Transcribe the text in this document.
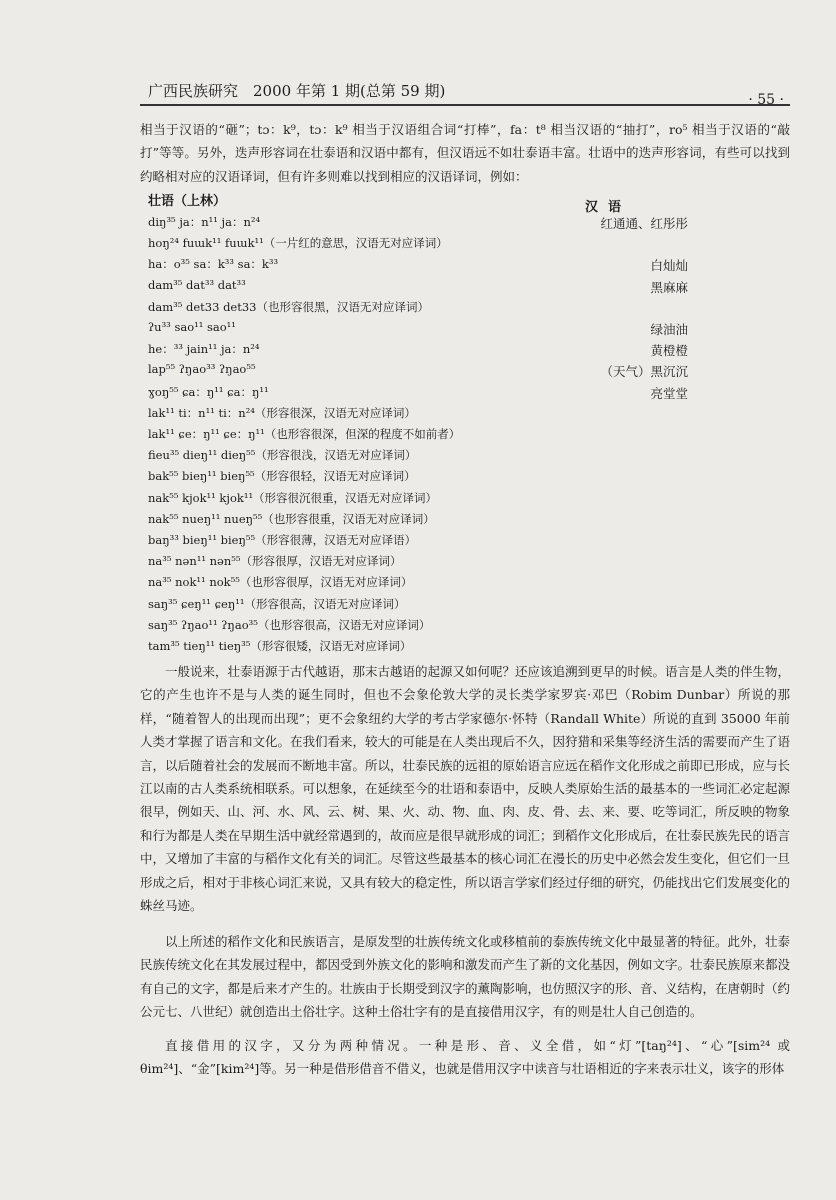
广西民族研究　2000 年第 1 期(总第 59 期)	· 55 ·

相当于汉语的“砸”；tɔ：k⁹，tɔ：k⁹ 相当于汉语组合词“打棒”，fa：t⁸ 相当汉语的“抽打”，ro⁵ 相当于汉语的“敲打”等等。另外，迭声形容词在壮泰语和汉语中都有，但汉语远不如壮泰语丰富。壮语中的迭声形容词，有些可以找到约略相对应的汉语译词，但有许多则难以找到相应的汉语译词，例如：

壮语（上林）	汉语
diŋ³⁵ ja：n¹¹ ja：n²⁴	红通通、红彤彤
hoŋ²⁴ fuɯk¹¹ fuɯk¹¹（一片红的意思，汉语无对应译词）
ha：o³⁵ sa：k³³ sa：k³³	白灿灿
dam³⁵ dat³³ dat³³	黑麻麻
dam³⁵ det33 det33（也形容很黑，汉语无对应译词）
ʔu³³ sao¹¹ sao¹¹	绿油油
he：³³ jain¹¹ ja：n²⁴	黄橙橙
lap⁵⁵ ʔŋao³³ ʔŋao⁵⁵	（天气）黑沉沉
ɣoŋ⁵⁵ ɕa：ŋ¹¹ ɕa：ŋ¹¹	亮堂堂
lak¹¹ ti：n¹¹ ti：n²⁴（形容很深，汉语无对应译词）
lak¹¹ ɕe：ŋ¹¹ ɕe：ŋ¹¹（也形容很深，但深的程度不如前者）
fieu³⁵ dieŋ¹¹ dieŋ⁵⁵（形容很浅，汉语无对应译词）
bak⁵⁵ bieŋ¹¹ bieŋ⁵⁵（形容很轻，汉语无对应译词）
nak⁵⁵ kjok¹¹ kjok¹¹（形容很沉很重，汉语无对应译词）
nak⁵⁵ nueŋ¹¹ nueŋ⁵⁵（也形容很重，汉语无对应译词）
baŋ³³ bieŋ¹¹ bieŋ⁵⁵（形容很薄，汉语无对应译语）
na³⁵ nən¹¹ nən⁵⁵（形容很厚，汉语无对应译词）
na³⁵ nok¹¹ nok⁵⁵（也形容很厚，汉语无对应译词）
saŋ³⁵ ɕeŋ¹¹ ɕeŋ¹¹（形容很高，汉语无对应译词）
saŋ³⁵ ʔŋao¹¹ ʔŋao³⁵（也形容很高，汉语无对应译词）
tam³⁵ tieŋ¹¹ tieŋ³⁵（形容很矮，汉语无对应译词）

一般说来，壮泰语源于古代越语，那末古越语的起源又如何呢？还应该追溯到更早的时候。语言是人类的伴生物，它的产生也许不是与人类的诞生同时，但也不会象伦敦大学的灵长类学家罗宾·邓巴（Robim Dunbar）所说的那样，“随着智人的出现而出现”；更不会象纽约大学的考古学家德尔·怀特（Randall White）所说的直到 35000 年前人类才掌握了语言和文化。在我们看来，较大的可能是在人类出现后不久，因狩猎和采集等经济生活的需要而产生了语言，以后随着社会的发展而不断地丰富。所以，壮泰民族的远祖的原始语言应远在稻作文化形成之前即已形成，应与长江以南的古人类系统相联系。可以想象，在延续至今的壮语和泰语中，反映人类原始生活的最基本的一些词汇必定起源很早，例如天、山、河、水、风、云、树、果、火、动、物、血、肉、皮、骨、去、来、要、吃等词汇，所反映的物象和行为都是人类在早期生活中就经常遇到的，故而应是很早就形成的词汇；到稻作文化形成后，在壮泰民族先民的语言中，又增加了丰富的与稻作文化有关的词汇。尽管这些最基本的核心词汇在漫长的历史中必然会发生变化，但它们一旦形成之后，相对于非核心词汇来说，又具有较大的稳定性，所以语言学家们经过仔细的研究，仍能找出它们发展变化的蛛丝马迹。

以上所述的稻作文化和民族语言，是原发型的壮族传统文化或移植前的泰族传统文化中最显著的特征。此外，壮泰民族传统文化在其发展过程中，都因受到外族文化的影响和激发而产生了新的文化基因，例如文字。壮泰民族原来都没有自己的文字，都是后来才产生的。壮族由于长期受到汉字的薰陶影响，也仿照汉字的形、音、义结构，在唐朝时（约公元七、八世纪）就创造出土俗壮字。这种土俗壮字有的是直接借用汉字，有的则是壮人自己创造的。

直接借用的汉字，又分为两种情况。一种是形、音、义全借，如“灯”[taŋ²⁴]、“心”[sim²⁴ 或 θim²⁴]、“金”[kim²⁴]等。另一种是借形借音不借义，也就是借用汉字中读音与壮语相近的字来表示壮义，该字的形体
